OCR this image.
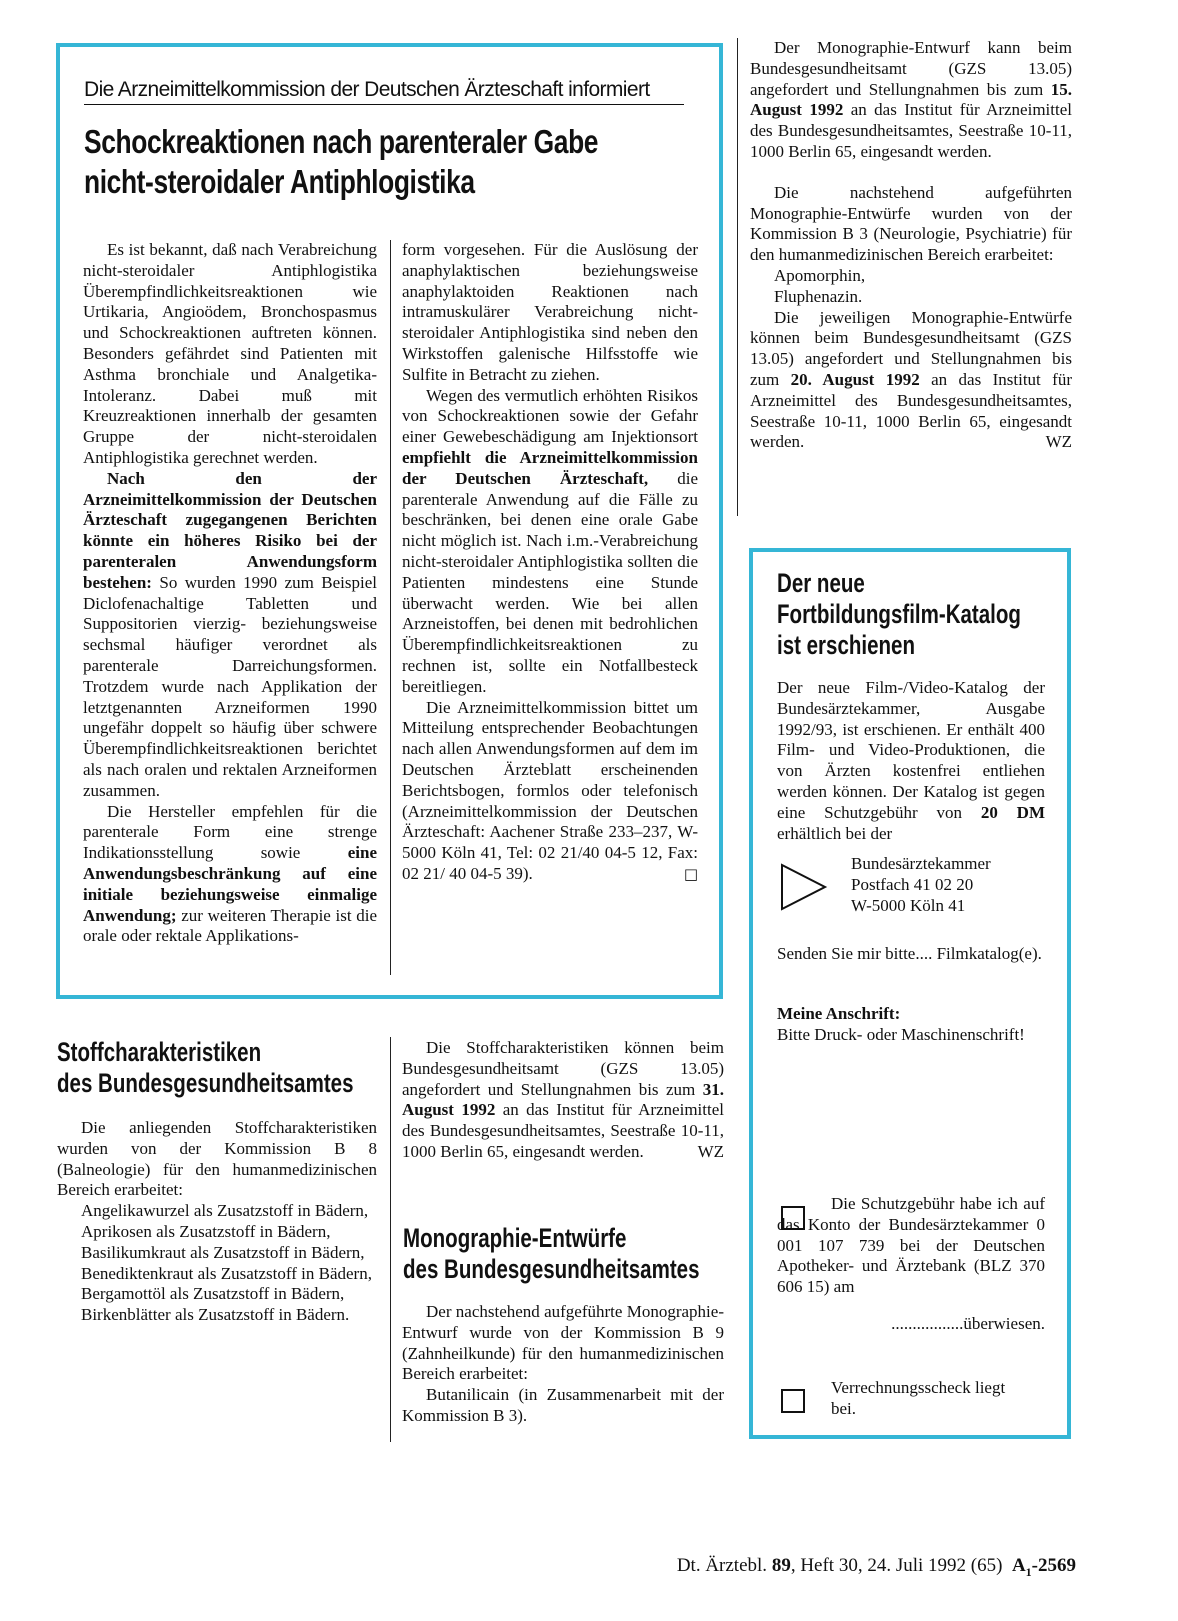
Die Arzneimittelkommission der Deutschen Ärzteschaft informiert
Schockreaktionen nach parenteraler Gabe
nicht-steroidaler Antiphlogistika

Es ist bekannt, daß nach Verabreichung nicht-steroidaler Antiphlogistika Überempfindlichkeitsreaktionen wie Urtikaria, Angioödem, Bronchospasmus und Schockreaktionen auftreten können. Besonders gefährdet sind Patienten mit Asthma bronchiale und Analgetika-Intoleranz. Dabei muß mit Kreuzreaktionen innerhalb der gesamten Gruppe der nicht-steroidalen Antiphlogistika gerechnet werden.

Nach den der Arzneimittelkommission der Deutschen Ärzteschaft zugegangenen Berichten könnte ein höheres Risiko bei der parenteralen Anwendungsform bestehen: So wurden 1990 zum Beispiel Diclofenachaltige Tabletten und Suppositorien vierzig- beziehungsweise sechsmal häufiger verordnet als parenterale Darreichungsformen. Trotzdem wurde nach Applikation der letztgenannten Arzneiformen 1990 ungefähr doppelt so häufig über schwere Überempfindlichkeitsreaktionen berichtet als nach oralen und rektalen Arzneiformen zusammen.

Die Hersteller empfehlen für die parenterale Form eine strenge Indikationsstellung sowie eine Anwendungsbeschränkung auf eine initiale beziehungsweise einmalige Anwendung; zur weiteren Therapie ist die orale oder rektale Applikations-

form vorgesehen. Für die Auslösung der anaphylaktischen beziehungsweise anaphylaktoiden Reaktionen nach intramuskulärer Verabreichung nicht-steroidaler Antiphlogistika sind neben den Wirkstoffen galenische Hilfsstoffe wie Sulfite in Betracht zu ziehen.

Wegen des vermutlich erhöhten Risikos von Schockreaktionen sowie der Gefahr einer Gewebeschädigung am Injektionsort empfiehlt die Arzneimittelkommission der Deutschen Ärzteschaft, die parenterale Anwendung auf die Fälle zu beschränken, bei denen eine orale Gabe nicht möglich ist. Nach i.m.-Verabreichung nicht-steroidaler Antiphlogistika sollten die Patienten mindestens eine Stunde überwacht werden. Wie bei allen Arzneistoffen, bei denen mit bedrohlichen Überempfindlichkeitsreaktionen zu rechnen ist, sollte ein Notfallbesteck bereitliegen.

Die Arzneimittelkommission bittet um Mitteilung entsprechender Beobachtungen nach allen Anwendungsformen auf dem im Deutschen Ärzteblatt erscheinenden Berichtsbogen, formlos oder telefonisch (Arzneimittelkommission der Deutschen Ärzteschaft: Aachener Straße 233–237, W-5000 Köln 41, Tel: 02 21/40 04-5 12, Fax: 02 21/ 40 04-5 39).	□

Der Monographie-Entwurf kann beim Bundesgesundheitsamt (GZS 13.05) angefordert und Stellungnahmen bis zum 15. August 1992 an das Institut für Arzneimittel des Bundesgesundheitsamtes, Seestraße 10-11, 1000 Berlin 65, eingesandt werden.

Die nachstehend aufgeführten Monographie-Entwürfe wurden von der Kommission B 3 (Neurologie, Psychiatrie) für den humanmedizinischen Bereich erarbeitet:

Apomorphin,

Fluphenazin.

Die jeweiligen Monographie-Entwürfe können beim Bundesgesundheitsamt (GZS 13.05) angefordert und Stellungnahmen bis zum 20. August 1992 an das Institut für Arzneimittel des Bundesgesundheitsamtes, Seestraße 10-11, 1000 Berlin 65, eingesandt werden.	WZ

Der neue
Fortbildungsfilm-Katalog
ist erschienen

Der neue Film-/Video-Katalog der Bundesärztekammer, Ausgabe 1992/93, ist erschienen. Er enthält 400 Film- und Video-Produktionen, die von Ärzten kostenfrei entliehen werden können. Der Katalog ist gegen eine Schutzgebühr von 20 DM erhältlich bei der

Bundesärztekammer
Postfach 41 02 20
W-5000 Köln 41

Senden Sie mir bitte.... Filmkatalog(e).

Meine Anschrift:
Bitte Druck- oder Maschinenschrift!

Die Schutzgebühr habe ich auf das Konto der Bundesärztekammer 0 001 107 739 bei der Deutschen Apotheker- und Ärztebank (BLZ 370 606 15) am

.................überwiesen.

Verrechnungsscheck liegt bei.

Stoffcharakteristiken
des Bundesgesundheitsamtes

Die anliegenden Stoffcharakteristiken wurden von der Kommission B 8 (Balneologie) für den humanmedizinischen Bereich erarbeitet:

Angelikawurzel als Zusatzstoff in Bädern,

Aprikosen als Zusatzstoff in Bädern,

Basilikumkraut als Zusatzstoff in Bädern,

Benediktenkraut als Zusatzstoff in Bädern,

Bergamottöl als Zusatzstoff in Bädern,

Birkenblätter als Zusatzstoff in Bädern.

Die Stoffcharakteristiken können beim Bundesgesundheitsamt (GZS 13.05) angefordert und Stellungnahmen bis zum 31. August 1992 an das Institut für Arzneimittel des Bundesgesundheitsamtes, Seestraße 10-11, 1000 Berlin 65, eingesandt werden.	WZ

Monographie-Entwürfe
des Bundesgesundheitsamtes

Der nachstehend aufgeführte Monographie-Entwurf wurde von der Kommission B 9 (Zahnheilkunde) für den humanmedizinischen Bereich erarbeitet:

Butanilicain (in Zusammenarbeit mit der Kommission B 3).

Dt. Ärztebl. 89, Heft 30, 24. Juli 1992 (65) $A_1-2569$
